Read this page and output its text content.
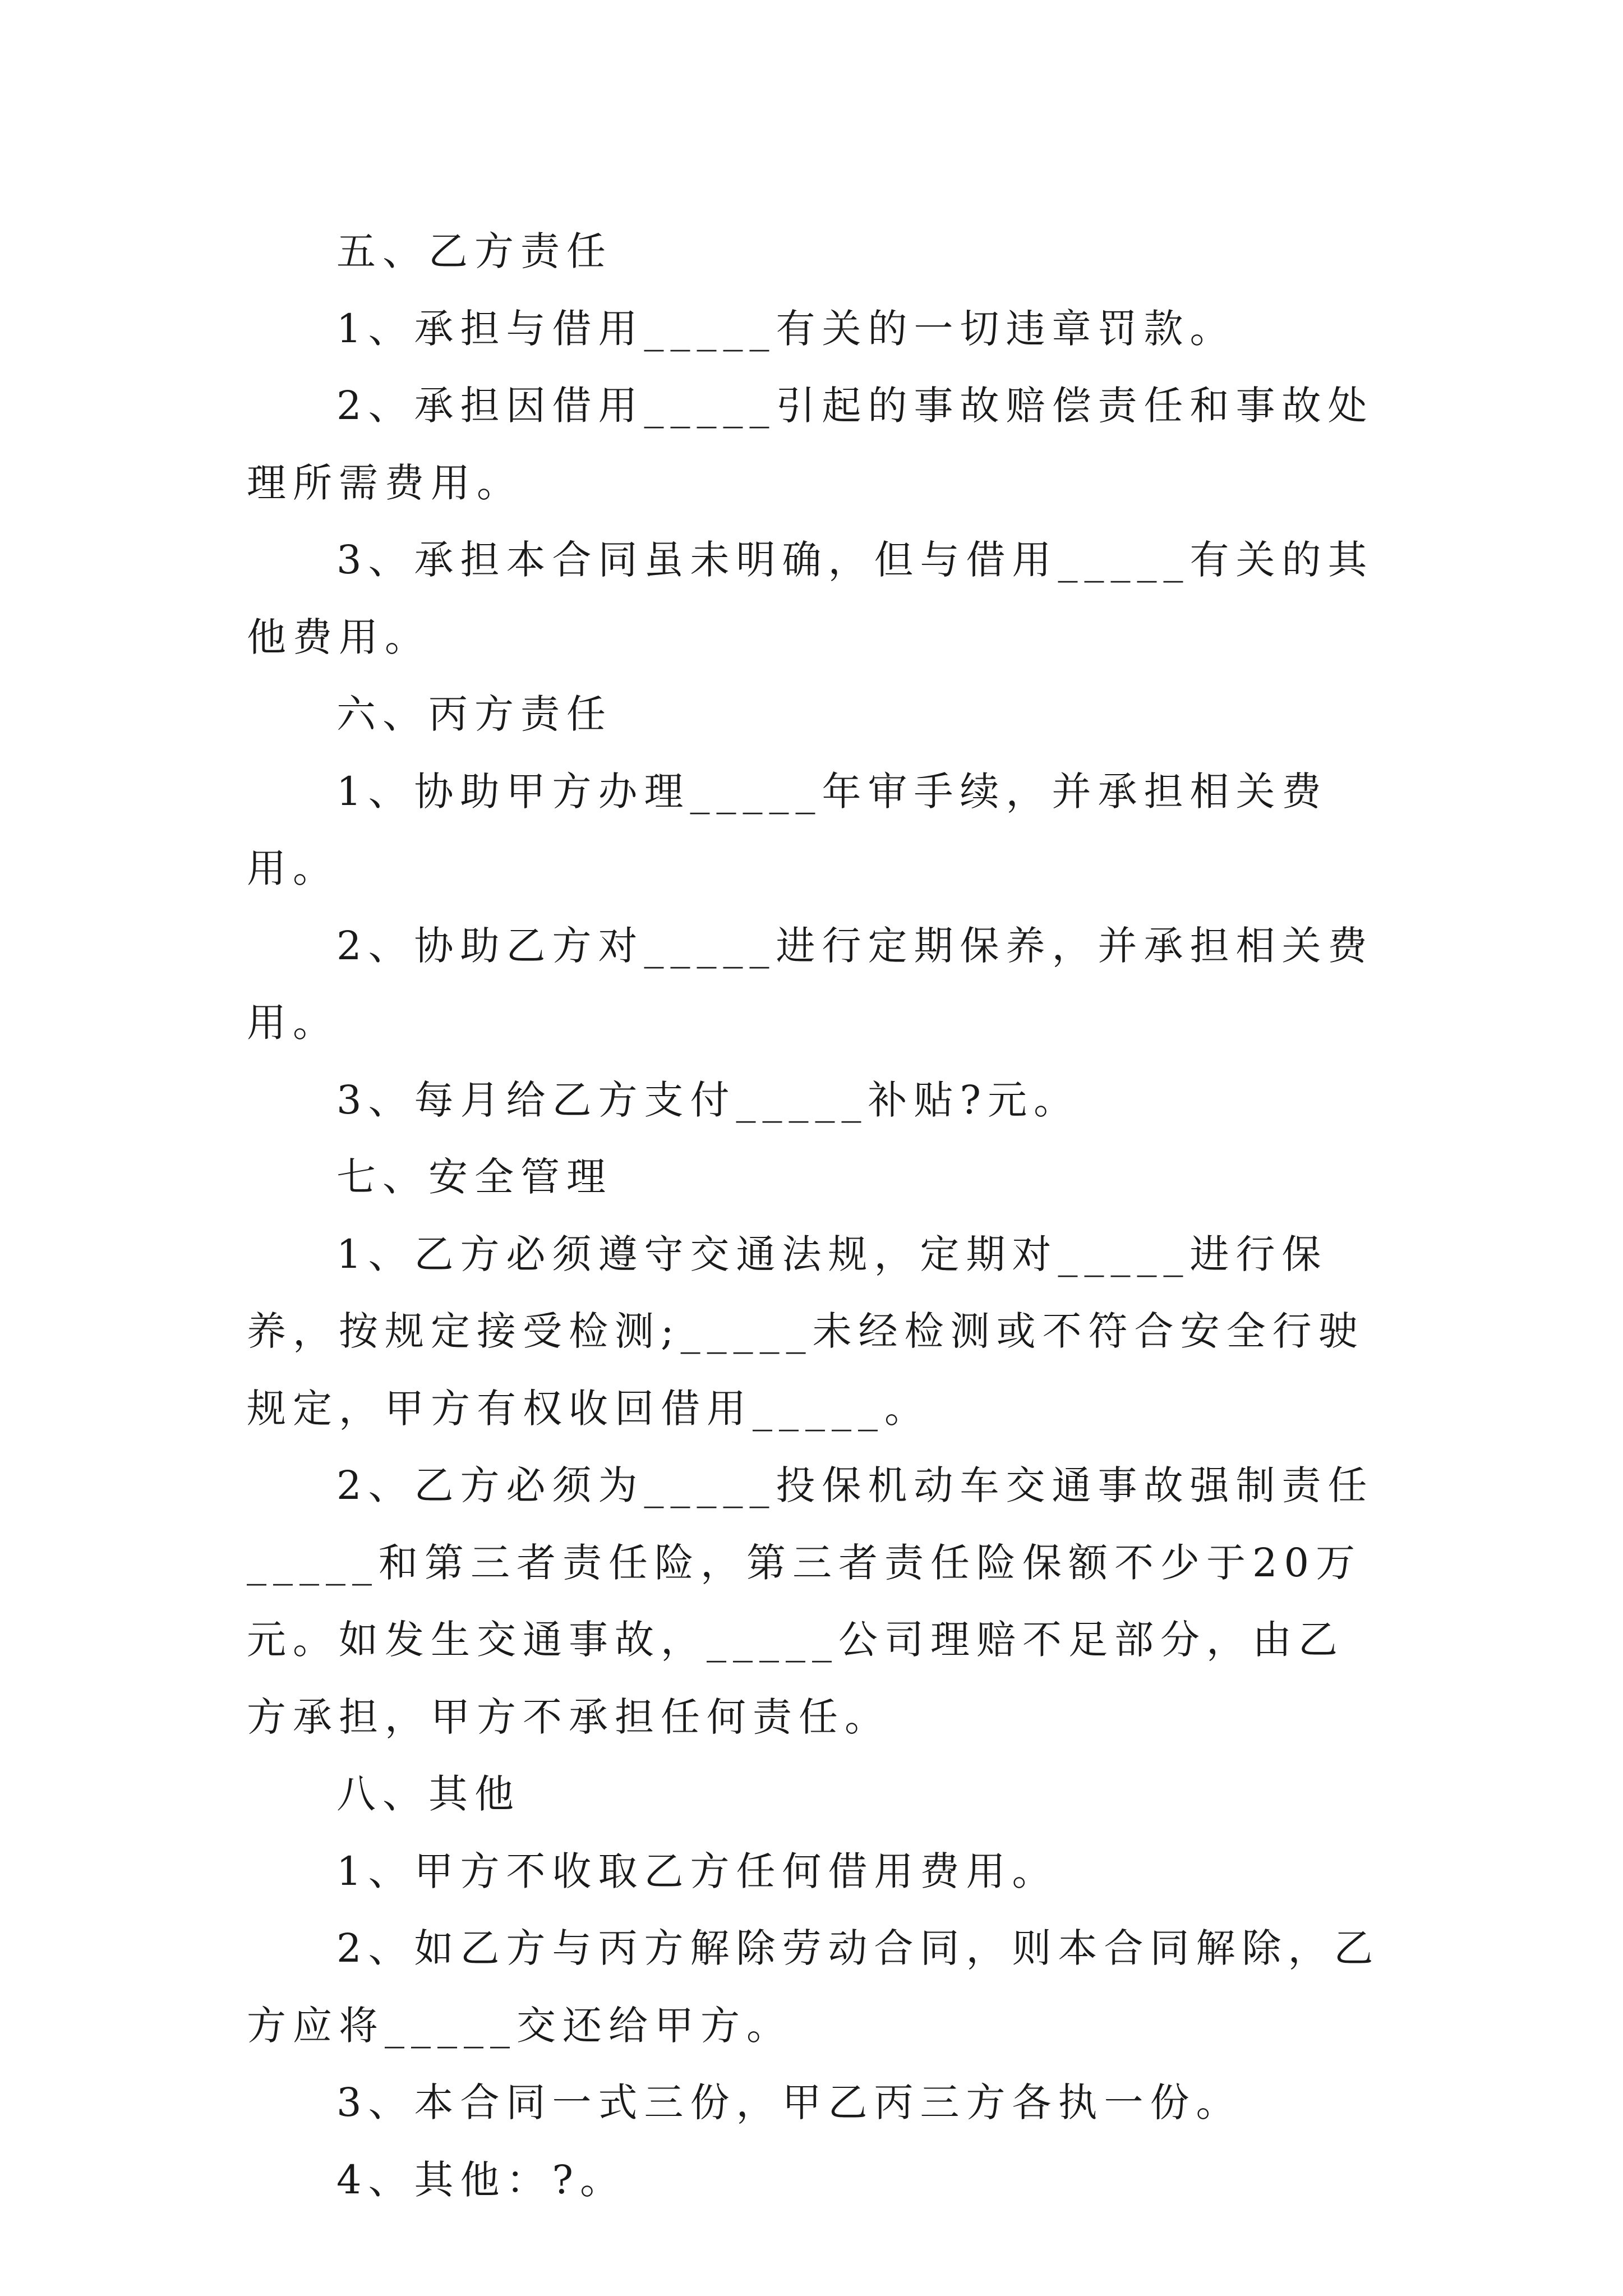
五、乙方责任

1、承担与借用_____有关的一切违章罚款。

2、承担因借用_____引起的事故赔偿责任和事故处理所需费用。

3、承担本合同虽未明确，但与借用_____有关的其他费用。

六、丙方责任

1、协助甲方办理_____年审手续，并承担相关费用。

2、协助乙方对_____进行定期保养，并承担相关费用。

3、每月给乙方支付_____补贴?元。

七、安全管理

1、乙方必须遵守交通法规，定期对_____进行保养，按规定接受检测;_____未经检测或不符合安全行驶规定，甲方有权收回借用_____。

2、乙方必须为_____投保机动车交通事故强制责任_____和第三者责任险，第三者责任险保额不少于20万元。如发生交通事故，_____公司理赔不足部分，由乙方承担，甲方不承担任何责任。

八、其他

1、甲方不收取乙方任何借用费用。

2、如乙方与丙方解除劳动合同，则本合同解除，乙方应将_____交还给甲方。

3、本合同一式三份，甲乙丙三方各执一份。

4、其他：?。
